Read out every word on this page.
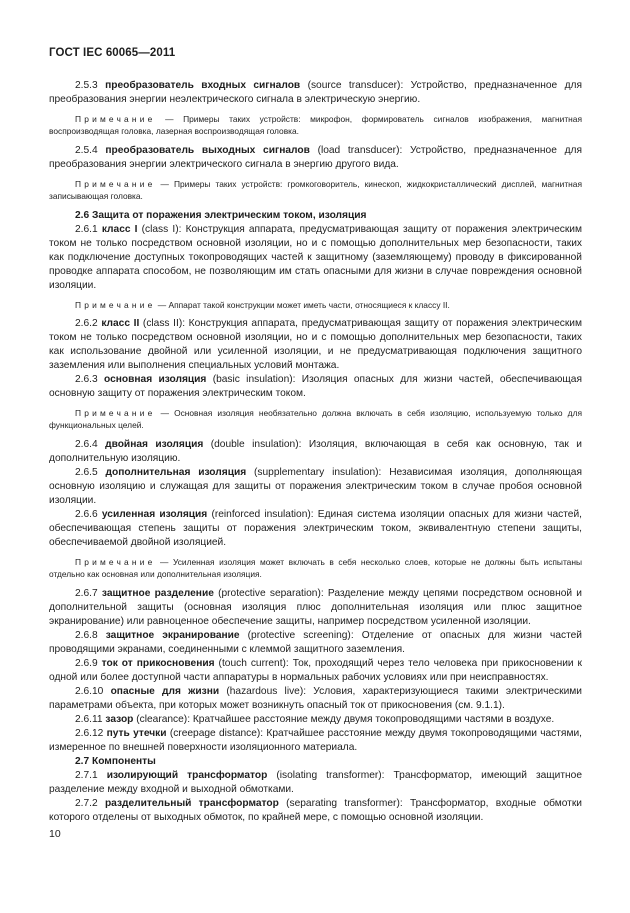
ГОСТ IEC 60065—2011

2.5.3 преобразователь входных сигналов (source transducer): Устройство, предназначенное для преобразования энергии неэлектрического сигнала в электрическую энергию.

Примечание — Примеры таких устройств: микрофон, формирователь сигналов изображения, магнитная воспроизводящая головка, лазерная воспроизводящая головка.

2.5.4 преобразователь выходных сигналов (load transducer): Устройство, предназначенное для преобразования энергии электрического сигнала в энергию другого вида.

Примечание — Примеры таких устройств: громкоговоритель, кинескоп, жидкокристаллический дисплей, магнитная записывающая головка.

2.6 Защита от поражения электрическим током, изоляция

2.6.1 класс I (class I): Конструкция аппарата, предусматривающая защиту от поражения электрическим током не только посредством основной изоляции, но и с помощью дополнительных мер безопасности, таких как подключение доступных токопроводящих частей к защитному (заземляющему) проводу в фиксированной проводке аппарата способом, не позволяющим им стать опасными для жизни в случае повреждения основной изоляции.

Примечание — Аппарат такой конструкции может иметь части, относящиеся к классу II.

2.6.2 класс II (class II): Конструкция аппарата, предусматривающая защиту от поражения электрическим током не только посредством основной изоляции, но и с помощью дополнительных мер безопасности, таких как использование двойной или усиленной изоляции, и не предусматривающая подключения защитного заземления или выполнения специальных условий монтажа.

2.6.3 основная изоляция (basic insulation): Изоляция опасных для жизни частей, обеспечивающая основную защиту от поражения электрическим током.

Примечание — Основная изоляция необязательно должна включать в себя изоляцию, используемую только для функциональных целей.

2.6.4 двойная изоляция (double insulation): Изоляция, включающая в себя как основную, так и дополнительную изоляцию.

2.6.5 дополнительная изоляция (supplementary insulation): Независимая изоляция, дополняющая основную изоляцию и служащая для защиты от поражения электрическим током в случае пробоя основной изоляции.

2.6.6 усиленная изоляция (reinforced insulation): Единая система изоляции опасных для жизни частей, обеспечивающая степень защиты от поражения электрическим током, эквивалентную степени защиты, обеспечиваемой двойной изоляцией.

Примечание — Усиленная изоляция может включать в себя несколько слоев, которые не должны быть испытаны отдельно как основная или дополнительная изоляция.

2.6.7 защитное разделение (protective separation): Разделение между цепями посредством основной и дополнительной защиты (основная изоляция плюс дополнительная изоляция или плюс защитное экранирование) или равноценное обеспечение защиты, например посредством усиленной изоляции.

2.6.8 защитное экранирование (protective screening): Отделение от опасных для жизни частей проводящими экранами, соединенными с клеммой защитного заземления.

2.6.9 ток от прикосновения (touch current): Ток, проходящий через тело человека при прикосновении к одной или более доступной части аппаратуры в нормальных рабочих условиях или при неисправностях.

2.6.10 опасные для жизни (hazardous live): Условия, характеризующиеся такими электрическими параметрами объекта, при которых может возникнуть опасный ток от прикосновения (см. 9.1.1).

2.6.11 зазор (clearance): Кратчайшее расстояние между двумя токопроводящими частями в воздухе.

2.6.12 путь утечки (creepage distance): Кратчайшее расстояние между двумя токопроводящими частями, измеренное по внешней поверхности изоляционного материала.

2.7 Компоненты

2.7.1 изолирующий трансформатор (isolating transformer): Трансформатор, имеющий защитное разделение между входной и выходной обмотками.

2.7.2 разделительный трансформатор (separating transformer): Трансформатор, входные обмотки которого отделены от выходных обмоток, по крайней мере, с помощью основной изоляции.

10
